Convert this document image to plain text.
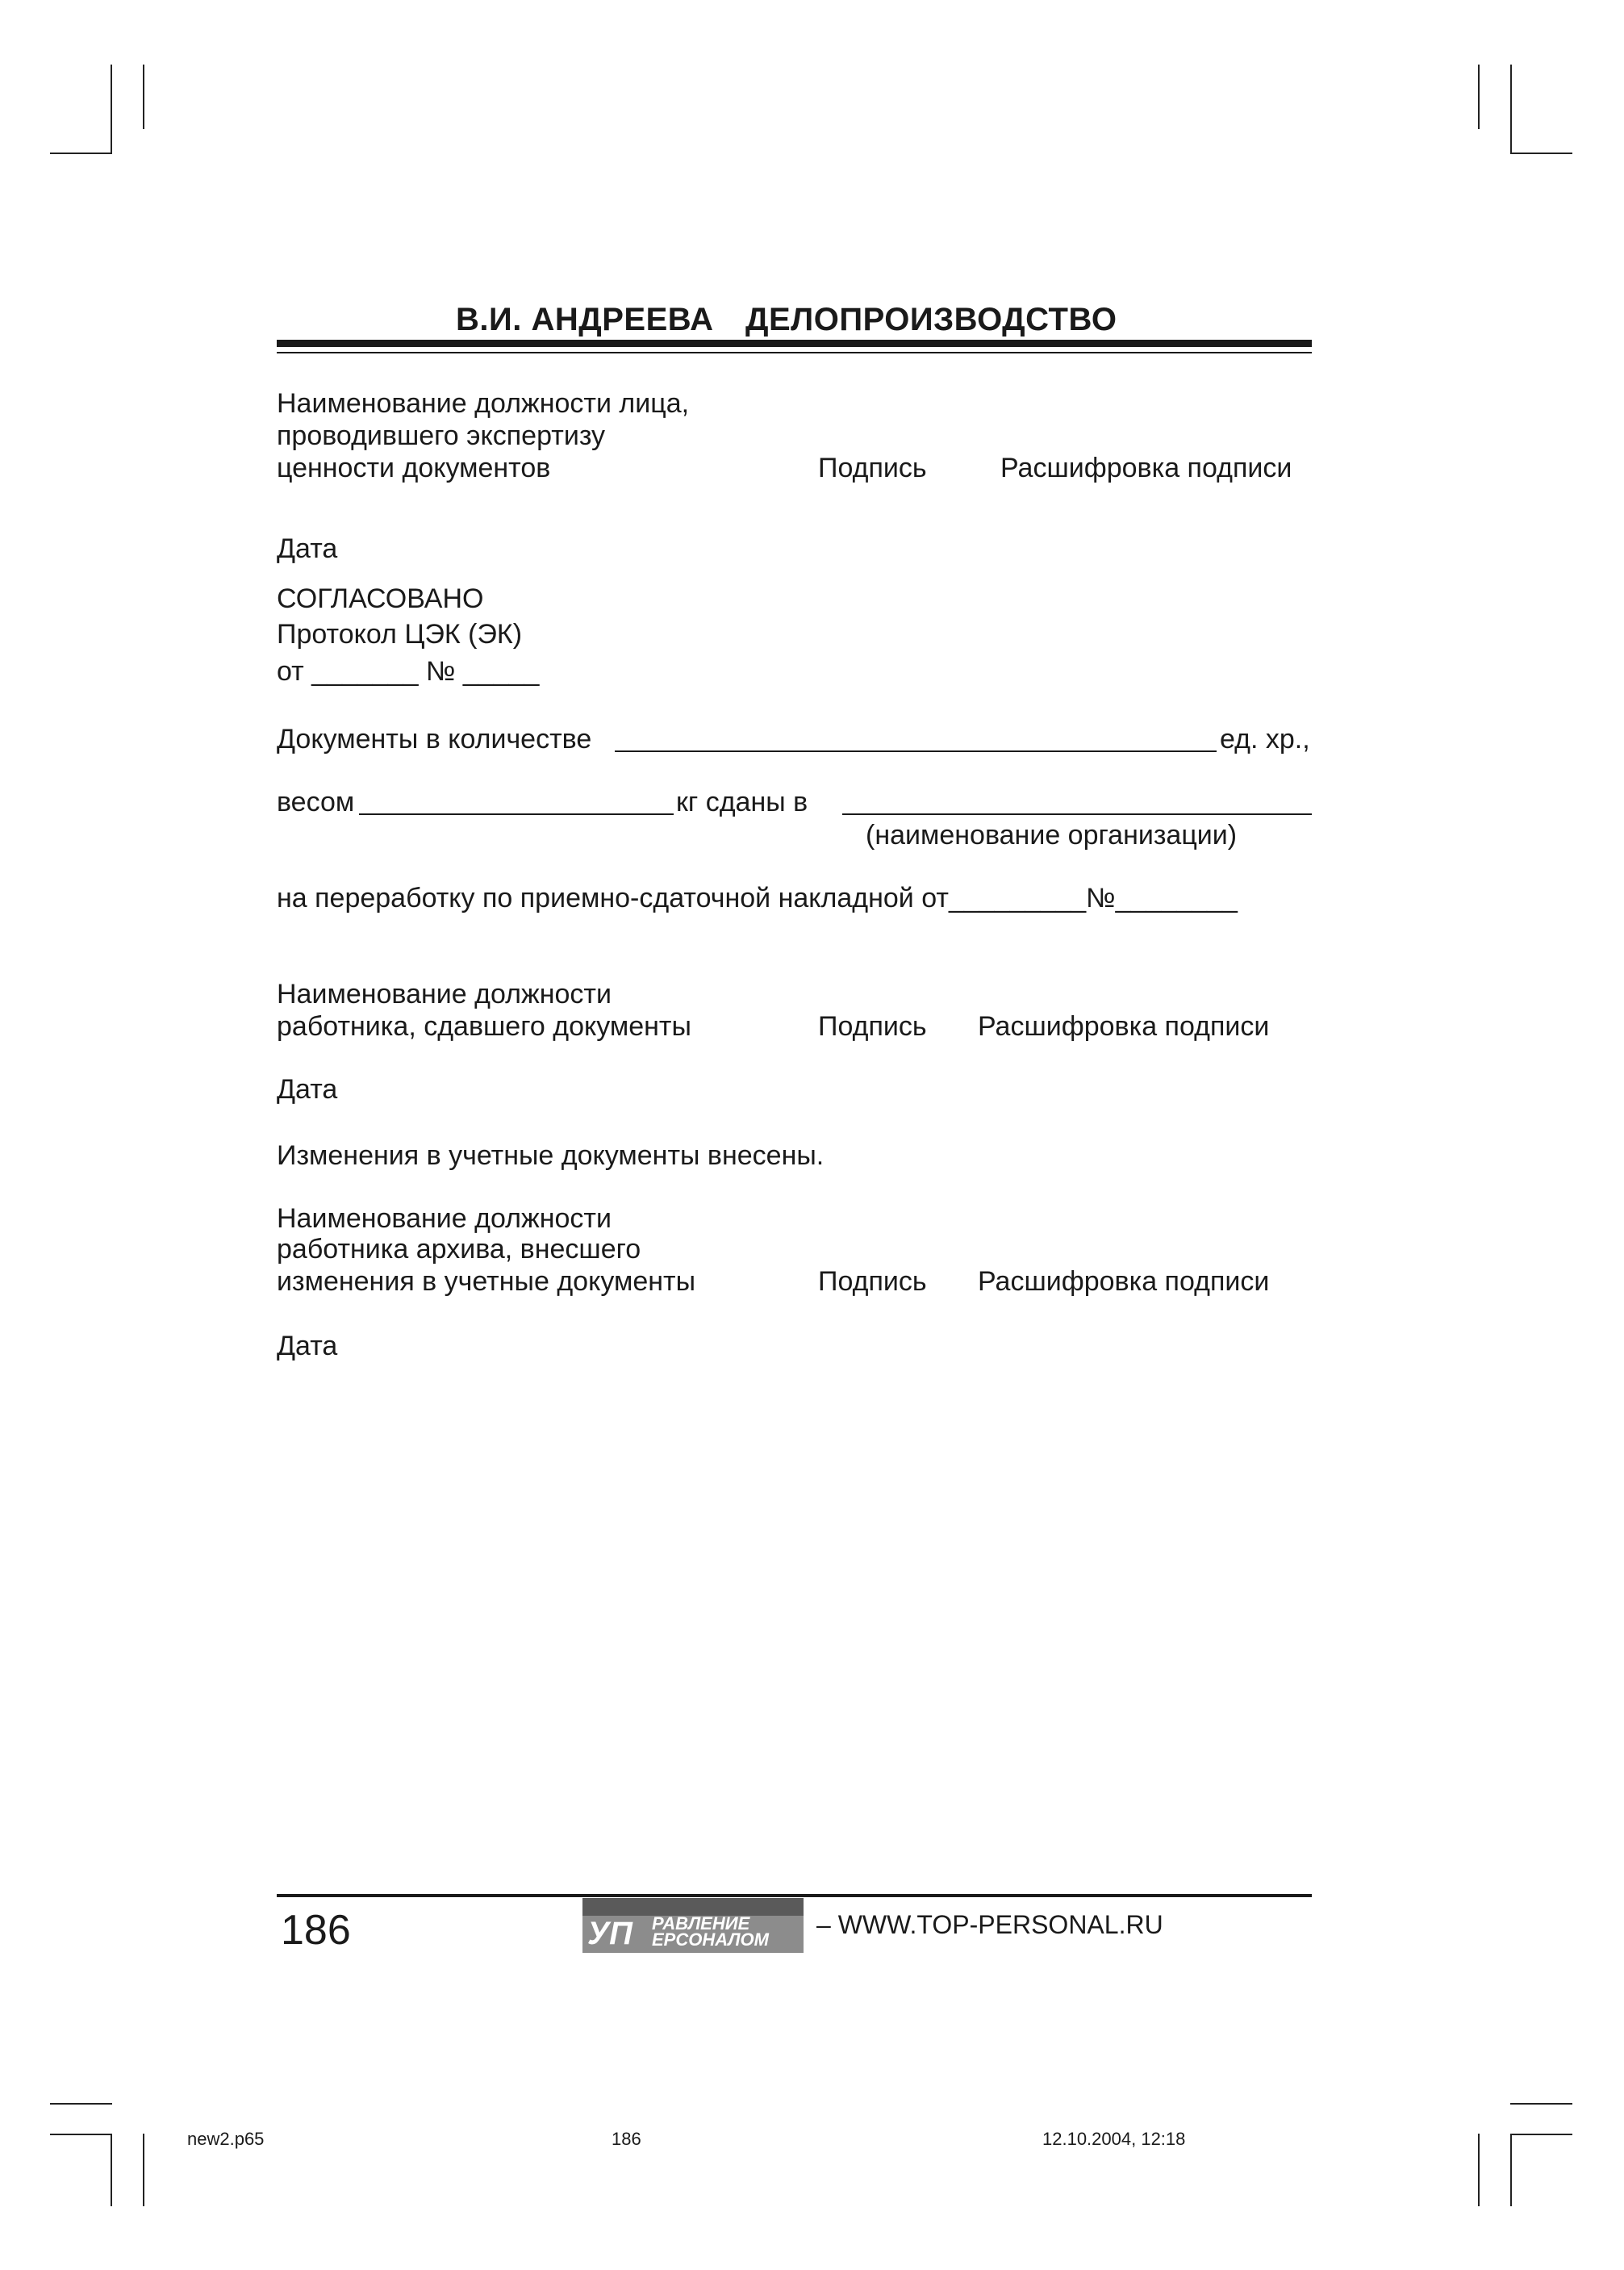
В.И. АНДРЕЕВА ДЕЛОПРОИЗВОДСТВО
Наименование должности лица,
проводившего экспертизу
ценности документов	Подпись	Расшифровка подписи
Дата
СОГЛАСОВАНО
Протокол ЦЭК (ЭК)
от _______ № _____
Документы в количестве	ед. хр.,
весом	кг сданы в
(наименование организации)
на переработку по приемно-сдаточной накладной от_________№________
Наименование должности
работника, сдавшего документы	Подпись Расшифровка подписи
Дата
Изменения в учетные документы внесены.
Наименование должности
работника архива, внесшего
изменения в учетные документы	Подпись Расшифровка подписи
Дата
186	УП РАВЛЕНИЕ
ЕРСОНАЛОМ
– WWW.TOP-PERSONAL.RU
new2.p65	186	12.10.2004, 12:18
